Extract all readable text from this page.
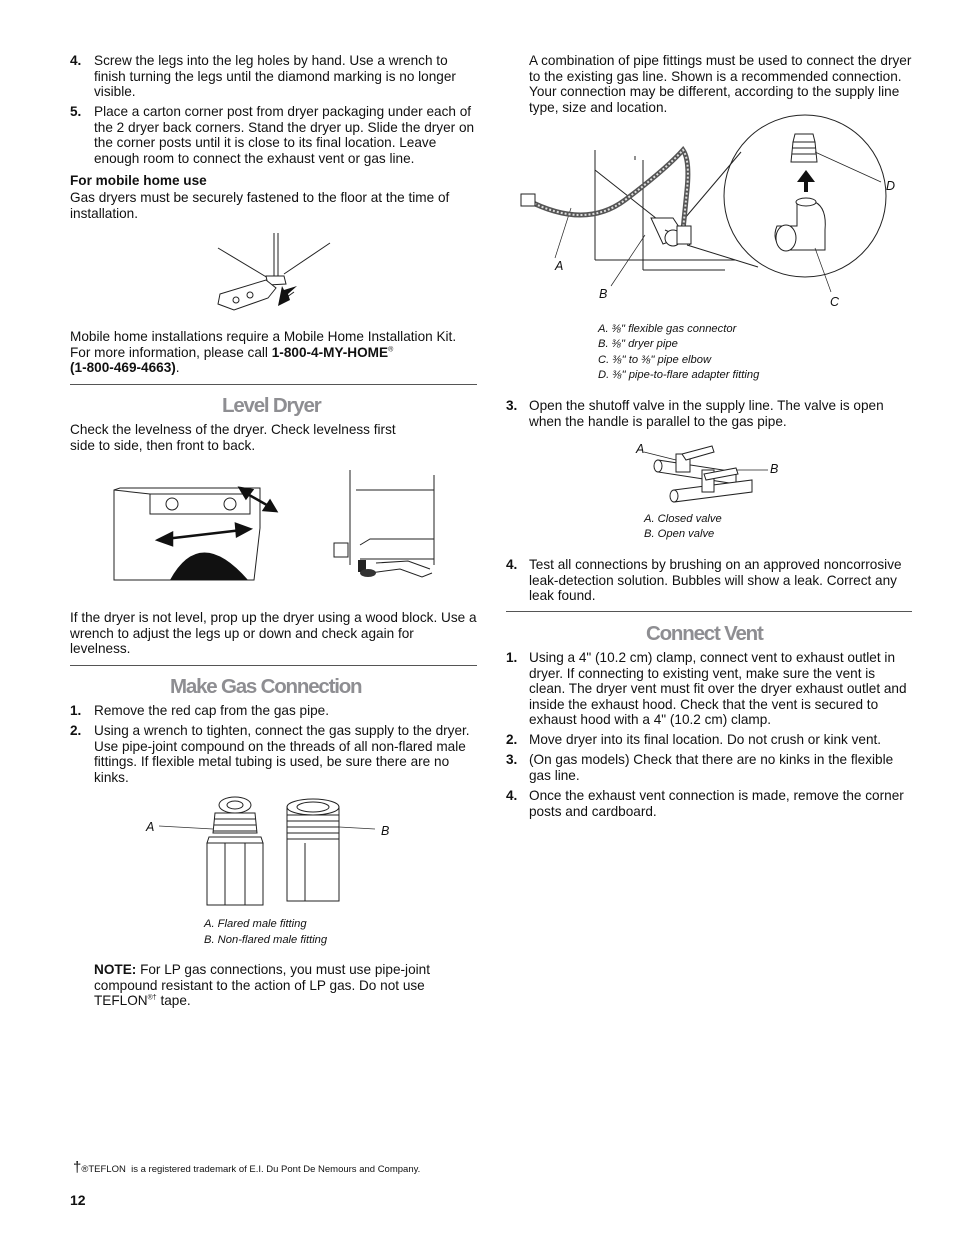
4. Screw the legs into the leg holes by hand. Use a wrench to finish turning the legs until the diamond marking is no longer visible.
5. Place a carton corner post from dryer packaging under each of the 2 dryer back corners. Stand the dryer up. Slide the dryer on the corner posts until it is close to its final location. Leave enough room to connect the exhaust vent or gas line.
For mobile home use
Gas dryers must be securely fastened to the floor at the time of installation.
Mobile home installations require a Mobile Home Installation Kit. For more information, please call 1-800-4-MY-HOME®
(1-800-469-4663).
Level Dryer
Check the levelness of the dryer. Check levelness first side to side, then front to back.
If the dryer is not level, prop up the dryer using a wood block. Use a wrench to adjust the legs up or down and check again for levelness.
Make Gas Connection
1. Remove the red cap from the gas pipe.
2. Using a wrench to tighten, connect the gas supply to the dryer. Use pipe-joint compound on the threads of all non-flared male fittings. If flexible metal tubing is used, be sure there are no kinks.
A	B
A. Flared male fitting
B. Non-flared male fitting
NOTE: For LP gas connections, you must use pipe-joint compound resistant to the action of LP gas. Do not use TEFLON®† tape.
A combination of pipe fittings must be used to connect the dryer to the existing gas line. Shown is a recommended connection. Your connection may be different, according to the supply line type, size and location.
A
B
C
D
A. ⅜" flexible gas connector
B. ⅜" dryer pipe
C. ⅜" to ⅜" pipe elbow
D. ⅜" pipe-to-flare adapter fitting
3. Open the shutoff valve in the supply line. The valve is open when the handle is parallel to the gas pipe.
A
B
A. Closed valve
B. Open valve
4. Test all connections by brushing on an approved noncorrosive leak-detection solution. Bubbles will show a leak. Correct any leak found.
Connect Vent
1. Using a 4" (10.2 cm) clamp, connect vent to exhaust outlet in dryer. If connecting to existing vent, make sure the vent is clean. The dryer vent must fit over the dryer exhaust outlet and inside the exhaust hood. Check that the vent is secured to exhaust hood with a 4" (10.2 cm) clamp.
2. Move dryer into its final location. Do not crush or kink vent.
3. (On gas models) Check that there are no kinks in the flexible gas line.
4. Once the exhaust vent connection is made, remove the corner posts and cardboard.
†®TEFLON  is a registered trademark of E.I. Du Pont De Nemours and Company.
12
